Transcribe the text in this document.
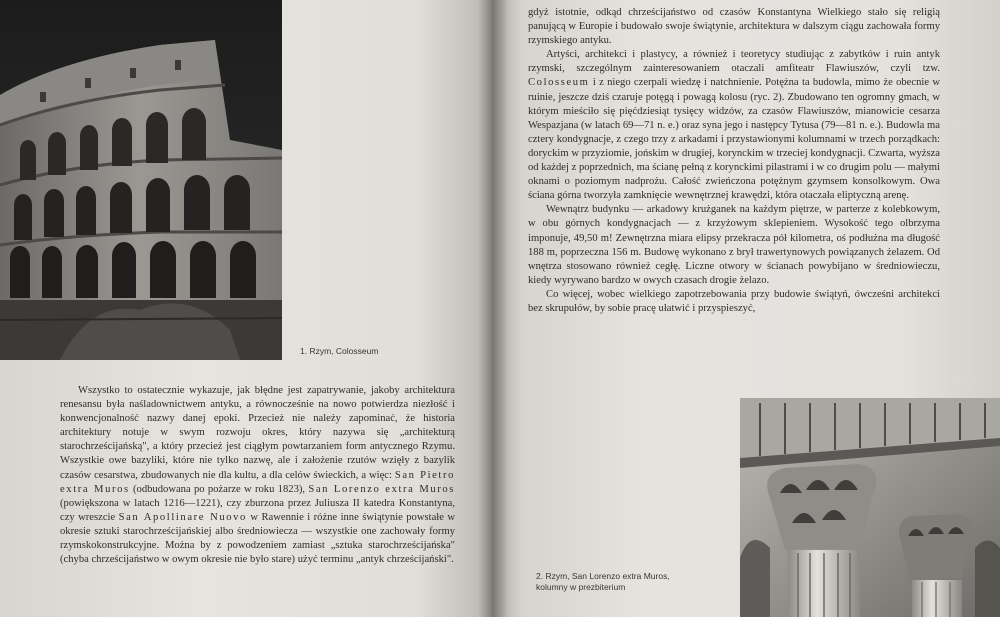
1. Rzym, Colosseum

Wszystko to ostatecznie wykazuje, jak błędne jest zapatrywanie, jakoby architektura renesansu była naśladownictwem antyku, a równocześnie na nowo potwierdza niezłość i konwencjonalność nazwy danej epoki. Przecież nie należy zapominać, że historia architektury notuje w swym rozwoju okres, który nazywa się „architekturą starochrześcijańską", a który przecież jest ciągłym powtarzaniem form antycznego Rzymu. Wszystkie owe bazyliki, które nie tylko nazwę, ale i założenie rzutów wzięły z bazylik czasów cesarstwa, zbudowanych nie dla kultu, a dla celów świeckich, a więc: San Pietro extra Muros (odbudowana po pożarze w roku 1823), San Lorenzo extra Muros (powiększona w latach 1216—1221), czy zburzona przez Juliusza II katedra Konstantyna, czy wreszcie San Apollinare Nuovo w Rawennie i różne inne świątynie powstałe w okresie sztuki starochrześcijańskiej albo średniowiecza — wszystkie one zachowały formy rzymskokonstrukcyjne. Można by z powodzeniem zamiast „sztuka starochrześcijańska" (chyba chrześcijaństwo w owym okresie nie było stare) użyć terminu „antyk chrześcijański".

gdyż istotnie, odkąd chrześcijaństwo od czasów Konstantyna Wielkiego stało się religią panującą w Europie i budowało swoje świątynie, architektura w dalszym ciągu zachowała formy rzymskiego antyku.

Artyści, architekci i plastycy, a również i teoretycy studiując z zabytków i ruin antyk rzymski, szczególnym zainteresowaniem otaczali amfiteatr Flawiuszów, czyli tzw. Colosseum i z niego czerpali wiedzę i natchnienie. Potężna ta budowla, mimo że obecnie w ruinie, jeszcze dziś czaruje potęgą i powagą kolosu (ryc. 2). Zbudowano ten ogromny gmach, w którym mieściło się pięćdziesiąt tysięcy widzów, za czasów Flawiuszów, mianowicie cesarza Wespazjana (w latach 69—71 n. e.) oraz syna jego i następcy Tytusa (79—81 n. e.). Budowla ma cztery kondygnacje, z czego trzy z arkadami i przystawionymi kolumnami w trzech porządkach: doryckim w przyziomie, jońskim w drugiej, korynckim w trzeciej kondygnacji. Czwarta, wyższa od każdej z poprzednich, ma ścianę pełną z korynckimi pilastrami i w co drugim polu — małymi oknami o poziomym nadprożu. Całość zwieńczona potężnym gzymsem konsolkowym. Owa ściana górna tworzyła zamknięcie wewnętrznej krawędzi, która otaczała eliptyczną arenę.

Wewnątrz budynku — arkadowy krużganek na każdym piętrze, w parterze z kolebkowym, w obu górnych kondygnacjach — z krzyżowym sklepieniem. Wysokość tego olbrzyma imponuje, 49,50 m! Zewnętrzna miara elipsy przekracza pół kilometra, oś podłużna ma długość 188 m, poprzeczna 156 m. Budowę wykonano z brył trawertynowych powiązanych żelazem. Od wnętrza stosowano również cegłę. Liczne otwory w ścianach powybijano w średniowieczu, kiedy wyrywano bardzo w owych czasach drogie żelazo.

Co więcej, wobec wielkiego zapotrzebowania przy budowie świątyń, ówcześni architekci bez skrupułów, by sobie pracę ułatwić i przyspieszyć,

2. Rzym, San Lorenzo extra Muros,
kolumny w prezbiterium
